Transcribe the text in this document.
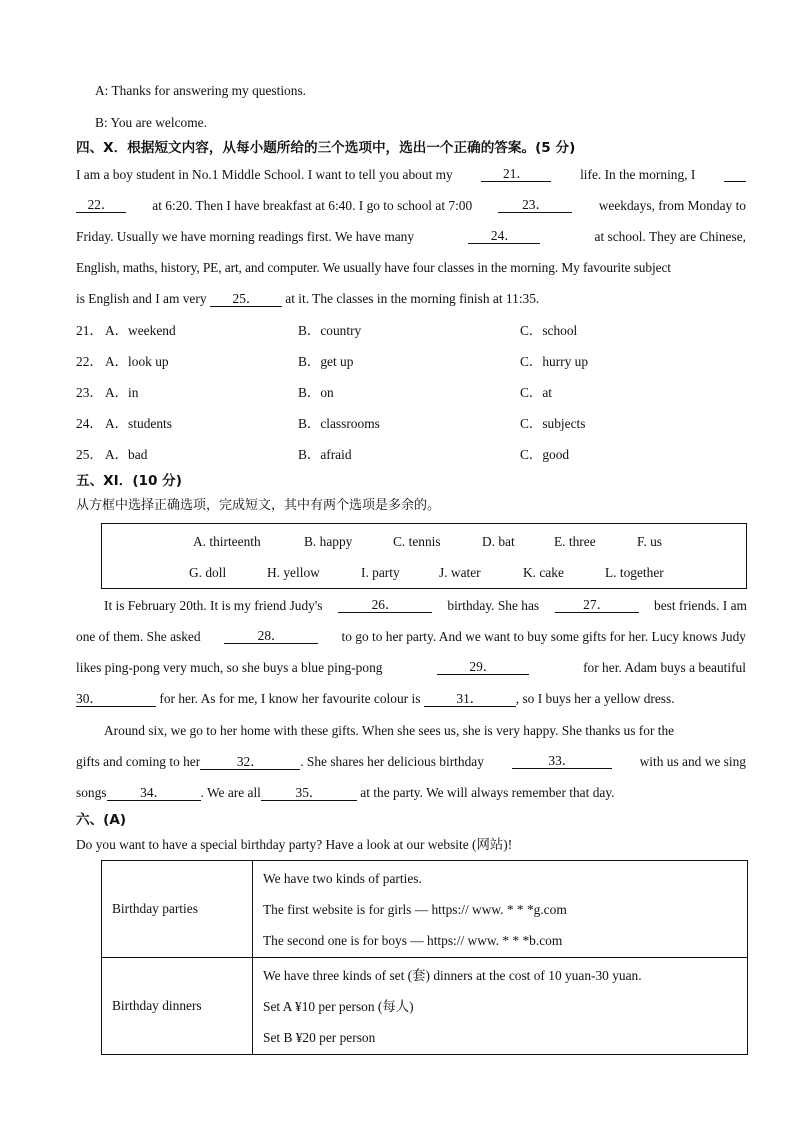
A: Thanks for answering my questions.
B: You are welcome.
四、X．根据短文内容，从每小题所给的三个选项中，选出一个正确的答案。(5 分)
I am a boy student in No.1 Middle School. I want to tell you about my	21．	life. In the morning, I
22．	at 6:20. Then I have breakfast at 6:40. I go to school at 7:00	23．	weekdays, from Monday to
Friday. Usually we have morning readings first. We have many	24．	at school. They are Chinese,
English, maths, history, PE, art, and computer. We usually have four classes in the morning. My favourite subject
is English and I am very 25． at it. The classes in the morning finish at 11:35.
21． A．weekend	B．country	C．school
22． A．look up	B．get up	C．hurry up
23． A．in	B．on	C．at
24． A．students	B．classrooms	C．subjects
25． A．bad	B．afraid	C．good
五、XI．(10 分)
从方框中选择正确选项，完成短文，其中有两个选项是多余的。
A. thirteenth	B. happy	C. tennis	D. bat	E. three	F. us
G. doll	H. yellow	I. party	J. water	K. cake	L. together
It is February 20th. It is my friend Judy's	26．	birthday. She has	27．	best friends. I am
one of them. She asked	28．	to go to her party. And we want to buy some gifts for her. Lucy knows Judy
likes ping-pong very much, so she buys a blue ping-pong	29．	for her. Adam buys a beautiful
30．	for her. As for me, I know her favourite colour is	31． , so I buys her a yellow dress.
Around six, we go to her home with these gifts. When she sees us, she is very happy. She thanks us for the
gifts and coming to her	32．	. She shares her delicious birthday	33．	with us and we sing
songs	34．	. We are all	35．	at the party. We will always remember that day.
六、(A)
Do you want to have a special birthday party? Have a look at our website (网站)!
Birthday parties	We have two kinds of parties.
The first website is for girls — https:// www. * * *g.com
The second one is for boys — https:// www. * * *b.com

Birthday dinners	We have three kinds of set (套) dinners at the cost of 10 yuan-30 yuan.
Set A ¥10 per person (每人)
Set B ¥20 per person
